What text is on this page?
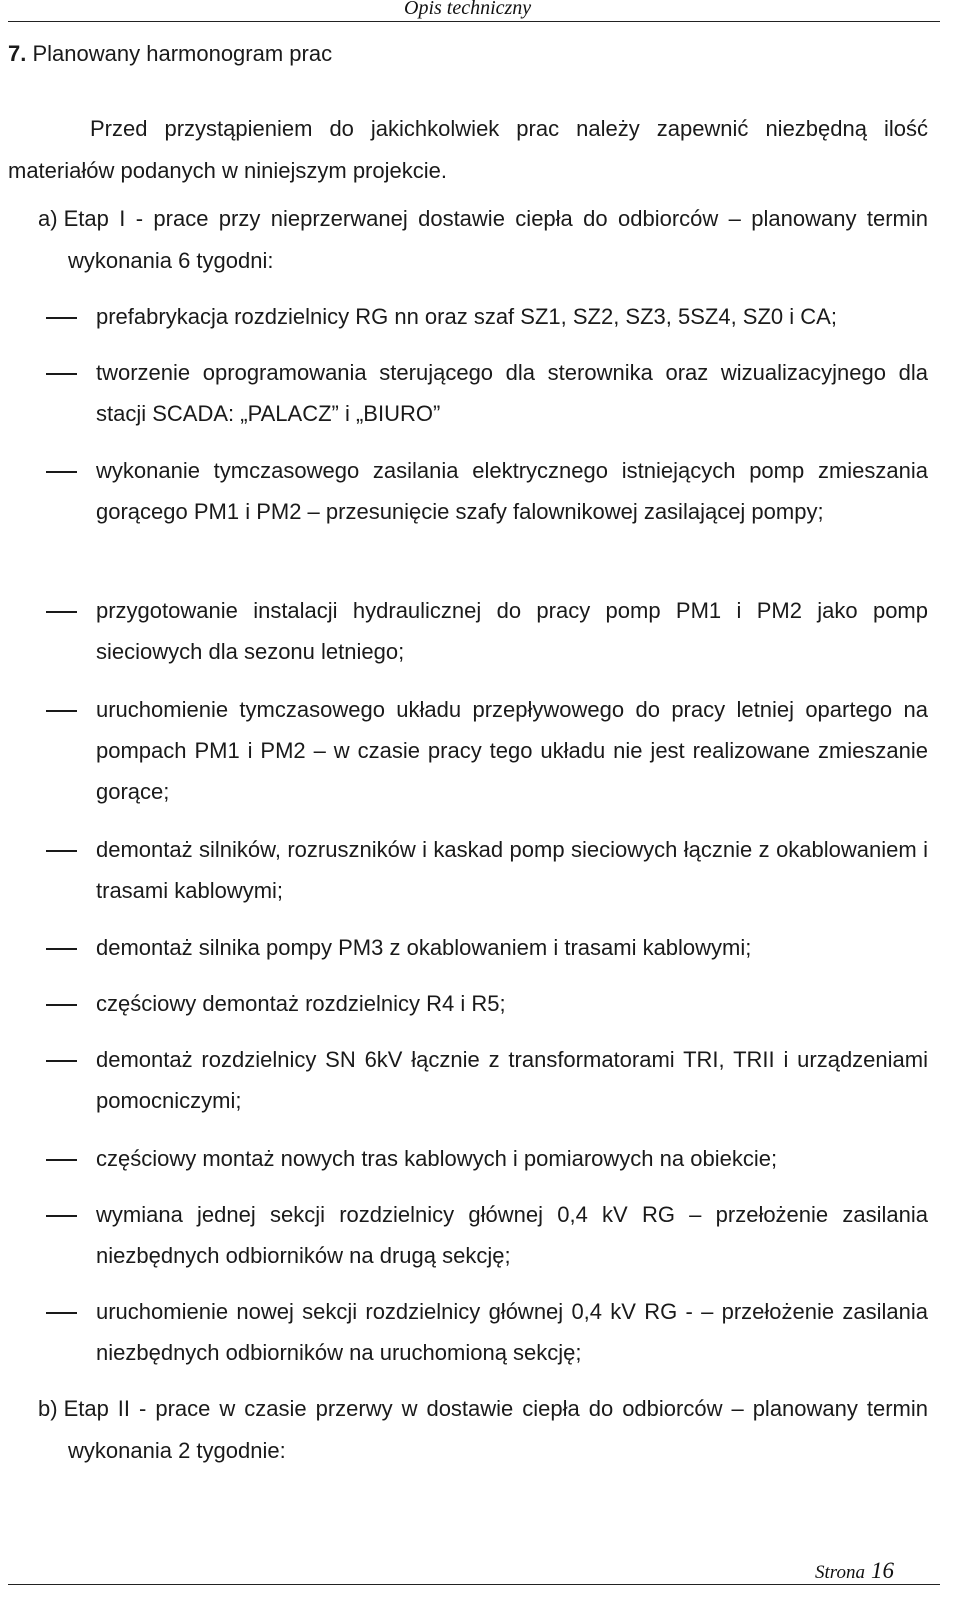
Opis techniczny
7. Planowany harmonogram prac
Przed przystąpieniem do jakichkolwiek prac należy zapewnić niezbędną ilość materiałów podanych w niniejszym projekcie.
a) Etap I - prace przy nieprzerwanej dostawie ciepła do odbiorców – planowany termin wykonania 6 tygodni:
prefabrykacja rozdzielnicy RG nn oraz szaf SZ1, SZ2, SZ3, 5SZ4, SZ0 i CA;
tworzenie oprogramowania sterującego dla sterownika oraz wizualizacyjnego dla stacji SCADA: „PALACZ” i „BIURO”
wykonanie tymczasowego zasilania elektrycznego istniejących pomp zmieszania gorącego PM1 i PM2 – przesunięcie szafy falownikowej zasilającej pompy;
przygotowanie instalacji hydraulicznej do pracy pomp PM1 i PM2 jako pomp sieciowych dla sezonu letniego;
uruchomienie tymczasowego układu przepływowego do pracy letniej opartego na pompach PM1 i PM2 – w czasie pracy tego układu nie jest realizowane zmieszanie gorące;
demontaż silników, rozruszników i kaskad pomp sieciowych łącznie z okablowaniem i trasami kablowymi;
demontaż silnika pompy PM3 z okablowaniem i trasami kablowymi;
częściowy demontaż rozdzielnicy R4 i R5;
demontaż rozdzielnicy SN 6kV łącznie z transformatorami TRI, TRII i urządzeniami pomocniczymi;
częściowy montaż nowych tras kablowych i pomiarowych na obiekcie;
wymiana jednej sekcji rozdzielnicy głównej 0,4 kV RG – przełożenie zasilania niezbędnych odbiorników na drugą sekcję;
uruchomienie nowej sekcji rozdzielnicy głównej 0,4 kV RG - – przełożenie zasilania niezbędnych odbiorników na uruchomioną sekcję;
b) Etap II - prace w czasie przerwy w dostawie ciepła do odbiorców – planowany termin wykonania 2 tygodnie:
Strona 16
